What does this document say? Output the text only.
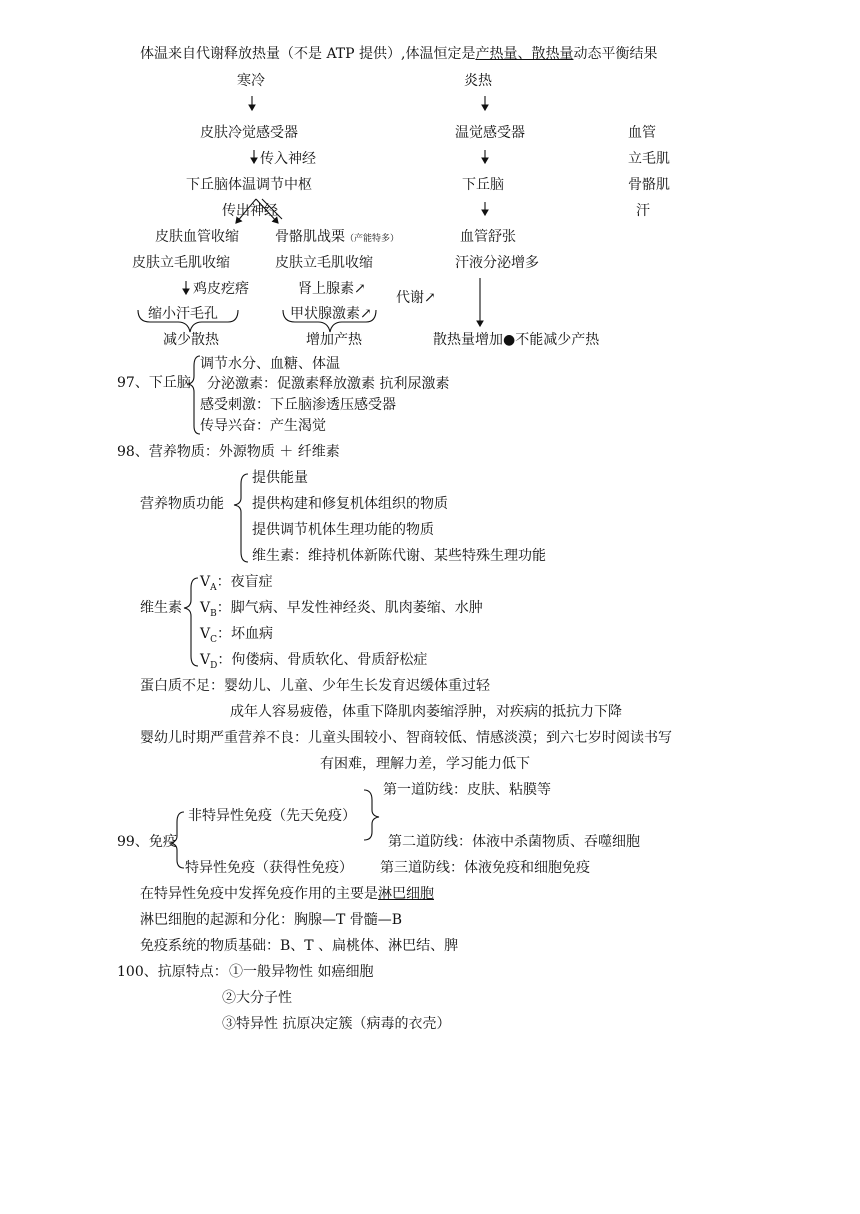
体温来自代谢释放热量（不是 ATP 提供）,体温恒定是产热量、散热量动态平衡结果
寒冷	炎热
皮肤冷觉感受器
传入神经
下丘脑体温调节中枢
传出神经
皮肤血管收缩	骨骼肌战栗（产能特多）
皮肤立毛肌收缩	皮肤立毛肌收缩
鸡皮疙瘩	肾上腺素↗
代谢↗
缩小汗毛孔	甲状腺激素↗
减少散热	增加产热
温觉感受器
下丘脑
血管舒张
汗液分泌增多
散热量增加●不能减少产热
血管
立毛肌
骨骼肌
汗
97、下丘脑
调节水分、血糖、体温
分泌激素：促激素释放激素 抗利尿激素
感受刺激：下丘脑渗透压感受器
传导兴奋：产生渴觉
98、营养物质：外源物质 ＋ 纤维素
营养物质功能
提供能量
提供构建和修复机体组织的物质
提供调节机体生理功能的物质
维生素：维持机体新陈代谢、某些特殊生理功能
维生素
$V_A$：夜盲症
$V_B$：脚气病、早发性神经炎、肌肉萎缩、水肿
$V_C$：坏血病
$V_D$：佝偻病、骨质软化、骨质舒松症
蛋白质不足：婴幼儿、儿童、少年生长发育迟缓体重过轻
成年人容易疲倦，体重下降肌肉萎缩浮肿，对疾病的抵抗力下降
婴幼儿时期严重营养不良：儿童头围较小、智商较低、情感淡漠；到六七岁时阅读书写
有困难，理解力差，学习能力低下
99、免疫
非特异性免疫（先天免疫）
第一道防线：皮肤、粘膜等
第二道防线：体液中杀菌物质、吞噬细胞
特异性免疫（获得性免疫） 第三道防线：体液免疫和细胞免疫
在特异性免疫中发挥免疫作用的主要是淋巴细胞
淋巴细胞的起源和分化：胸腺—T 骨髓—B
免疫系统的物质基础：B、T 、扁桃体、淋巴结、脾
100、抗原特点： ①一般异物性 如癌细胞
②大分子性
③特异性 抗原决定簇（病毒的衣壳）
